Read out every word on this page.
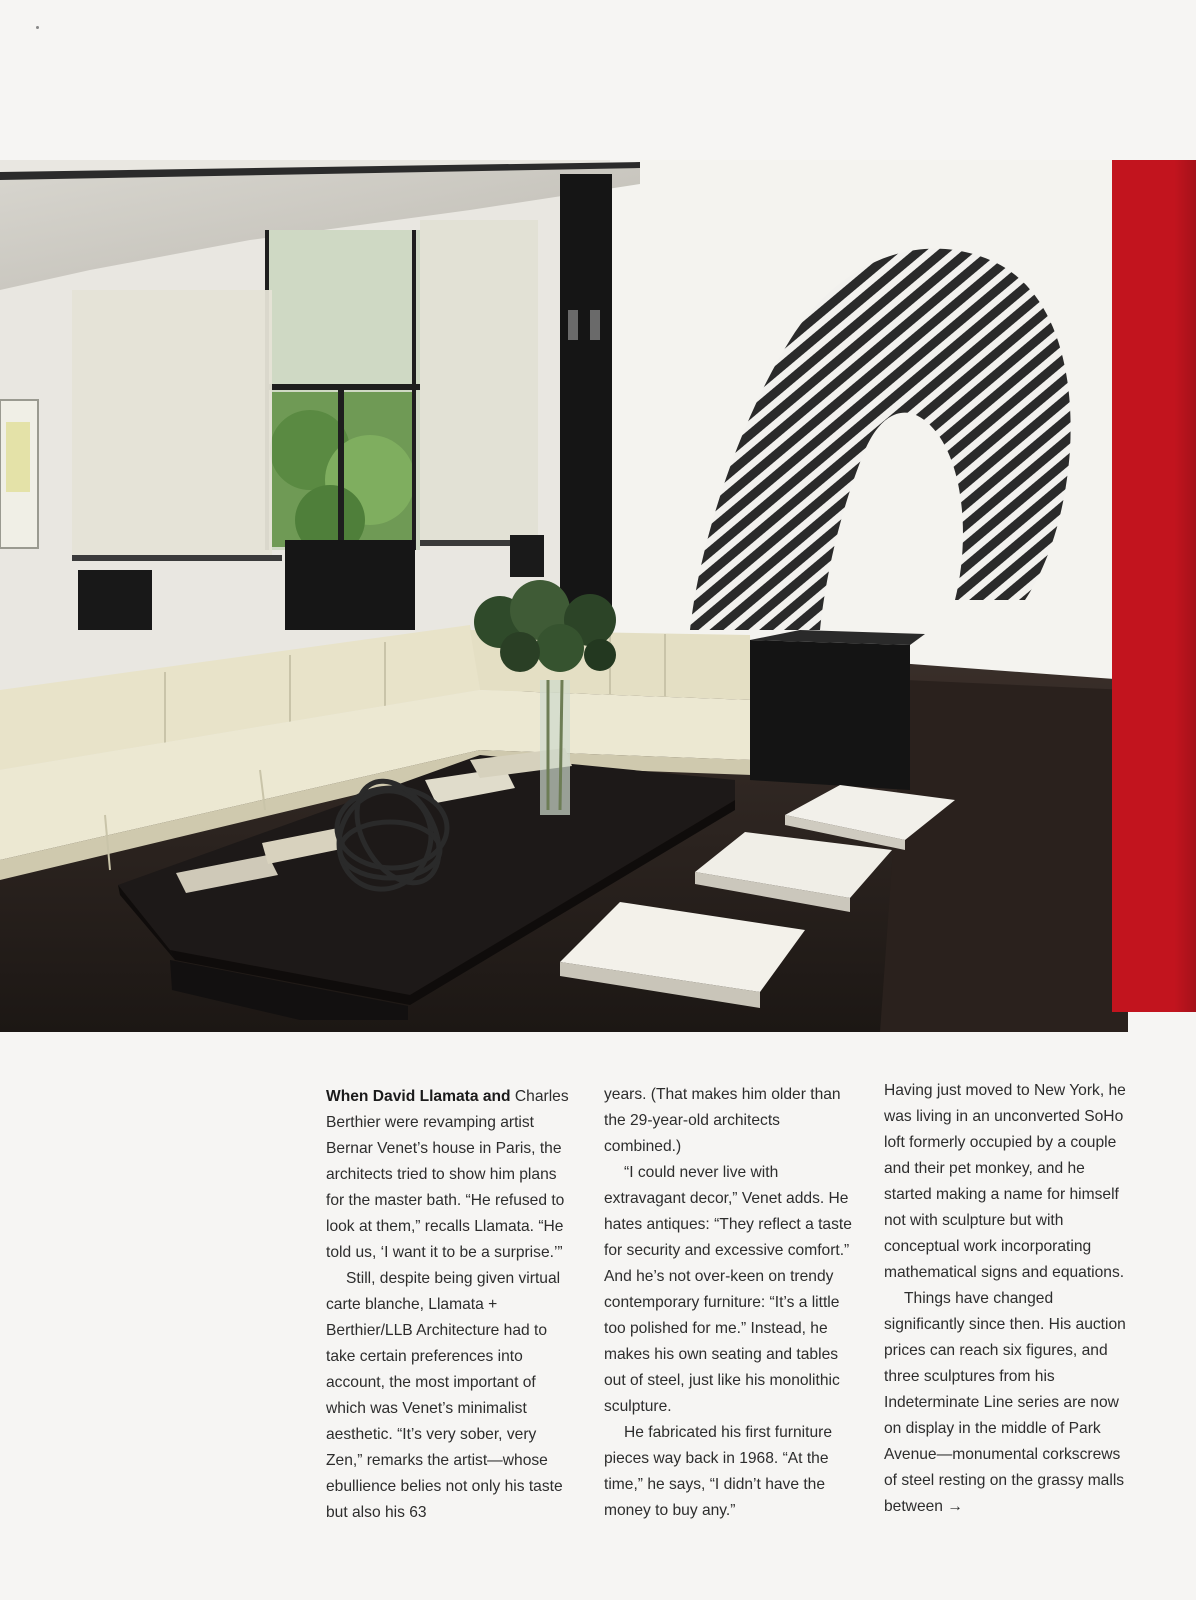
When David Llamata and Charles Berthier were revamping artist Bernar Venet’s house in Paris, the architects tried to show him plans for the master bath. “He refused to look at them,” recalls Llamata. “He told us, ‘I want it to be a surprise.’”

Still, despite being given virtual carte blanche, Llamata + Berthier/LLB Architecture had to take certain preferences into account, the most important of which was Venet’s minimalist aesthetic. “It’s very sober, very Zen,” remarks the artist—whose ebullience belies not only his taste but also his 63

years. (That makes him older than the 29-year-old architects combined.)

“I could never live with extravagant decor,” Venet adds. He hates antiques: “They reflect a taste for security and excessive comfort.” And he’s not over-keen on trendy contemporary furniture: “It’s a little too polished for me.” Instead, he makes his own seating and tables out of steel, just like his monolithic sculpture.

He fabricated his first furniture pieces way back in 1968. “At the time,” he says, “I didn’t have the money to buy any.”

Having just moved to New York, he was living in an unconverted SoHo loft formerly occupied by a couple and their pet monkey, and he started making a name for himself not with sculpture but with conceptual work incorporating mathematical signs and equations.

Things have changed significantly since then. His auction prices can reach six figures, and three sculptures from his Indeterminate Line series are now on display in the middle of Park Avenue—monumental corkscrews of steel resting on the grassy malls between →
